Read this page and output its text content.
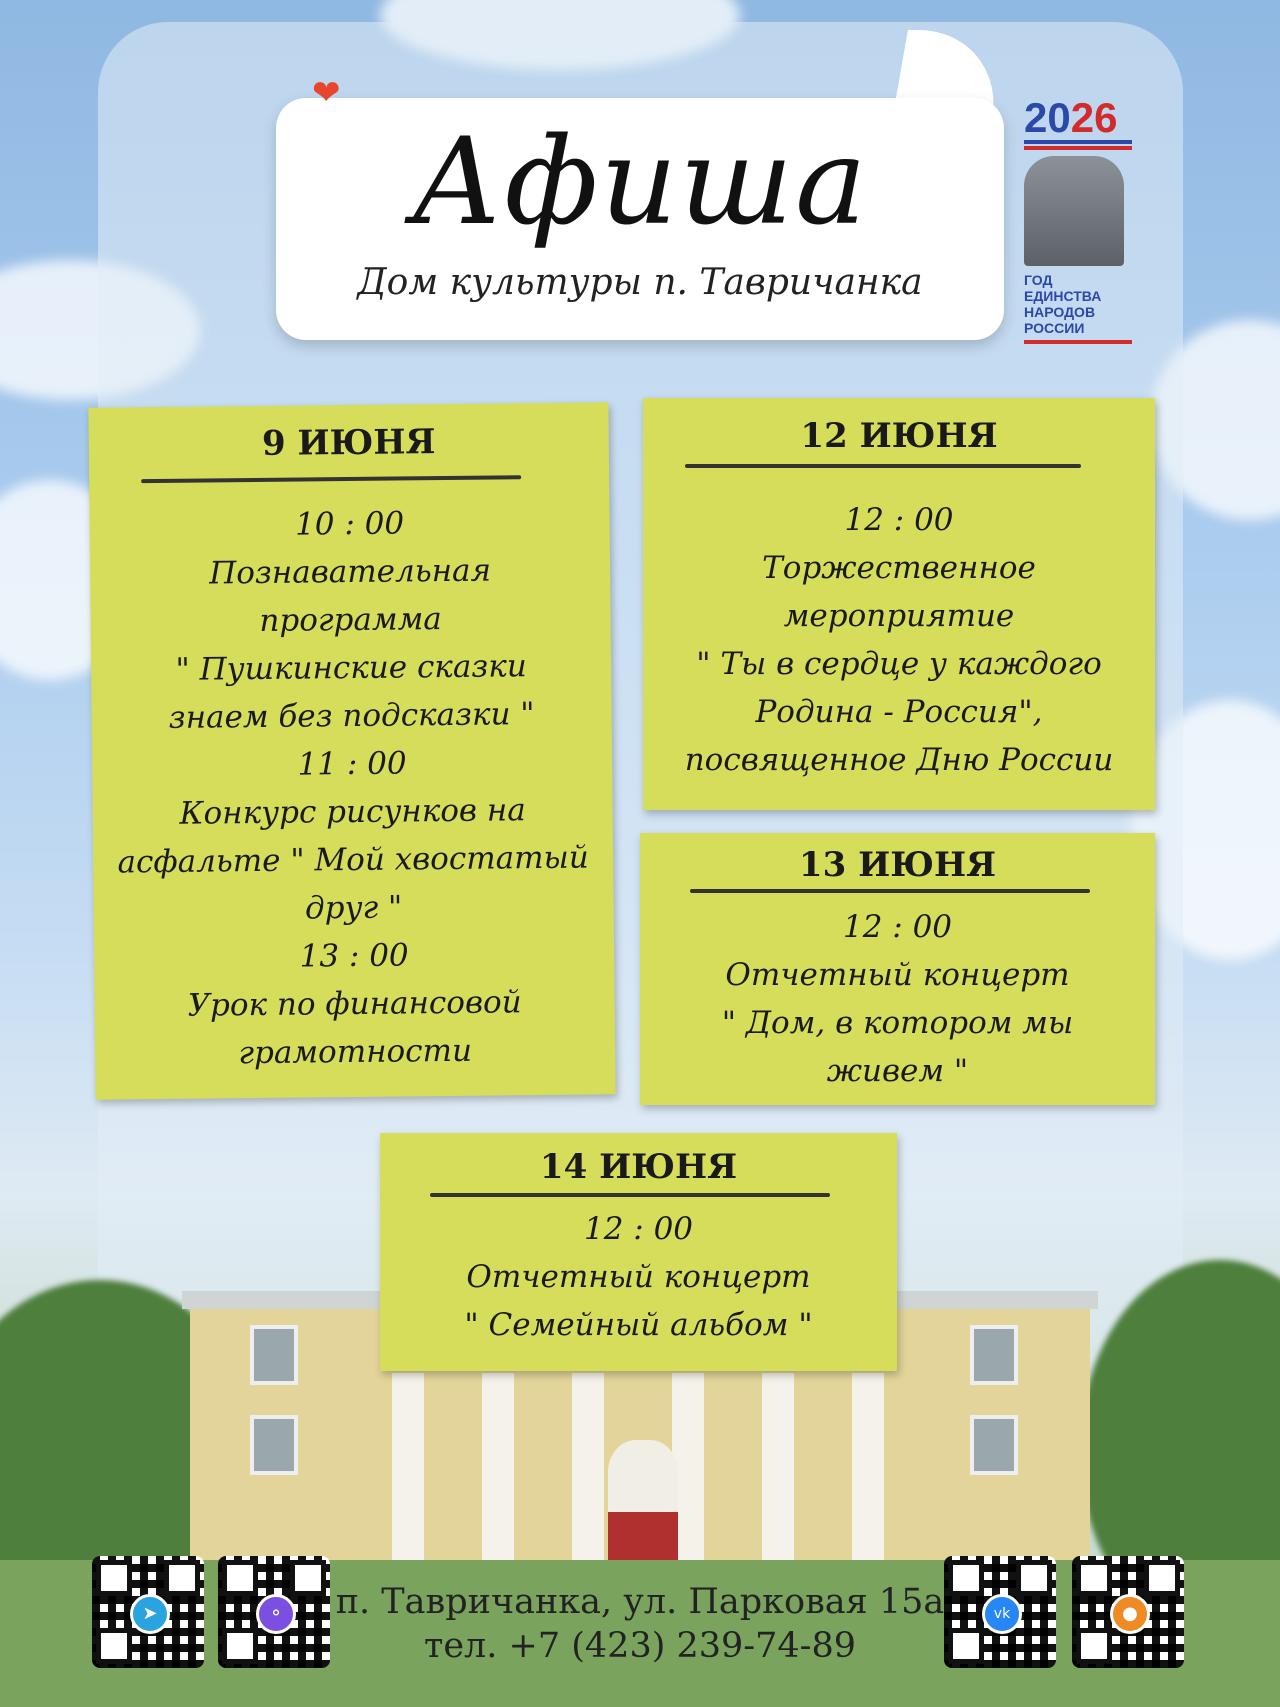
❤
Афиша
Дом культуры п. Тавричанка
2026
ГОД
ЕДИНСТВА
НАРОДОВ
РОССИИ
9 ИЮНЯ
10 : 00
Познавательная
программа
" Пушкинские сказки
знаем без подсказки "
11 : 00
Конкурс рисунков на
асфальте " Мой хвостатый
друг "
13 : 00
Урок по финансовой
грамотности
12 ИЮНЯ
12 : 00
Торжественное
мероприятие
" Ты в сердце у каждого
Родина - Россия",
посвященное Дню России
13 ИЮНЯ
12 : 00
Отчетный концерт
" Дом, в котором мы
живем "
14 ИЮНЯ
12 : 00
Отчетный концерт
" Семейный альбом "
➤	⚬	vk	●
п. Тавричанка, ул. Парковая 15а
тел. +7 (423) 239-74-89
